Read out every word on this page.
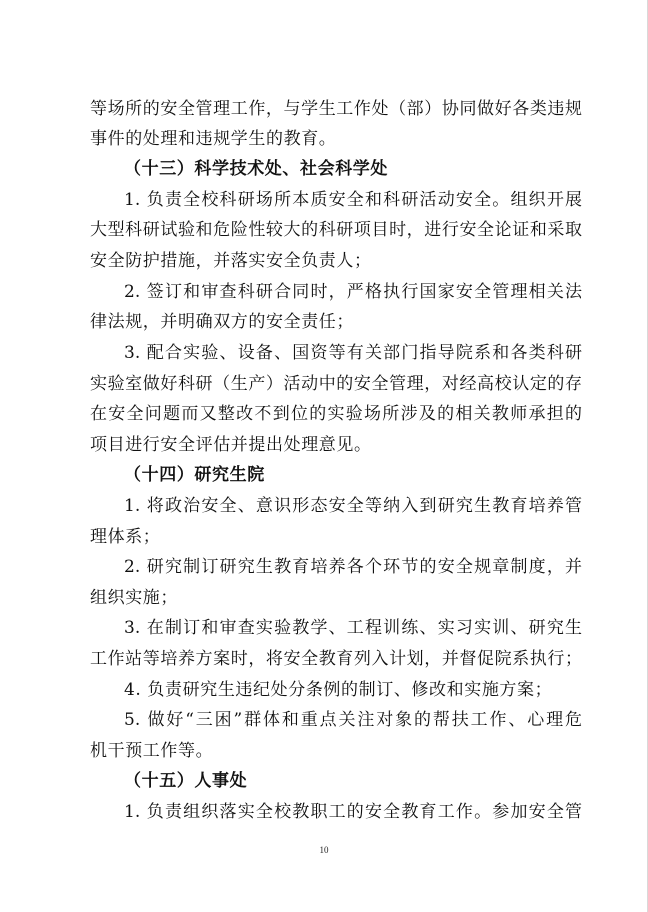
等场所的安全管理工作，与学生工作处（部）协同做好各类违规
事件的处理和违规学生的教育。
（十三）科学技术处、社会科学处
1. 负责全校科研场所本质安全和科研活动安全。组织开展
大型科研试验和危险性较大的科研项目时，进行安全论证和采取
安全防护措施，并落实安全负责人；
2. 签订和审查科研合同时，严格执行国家安全管理相关法
律法规，并明确双方的安全责任；
3. 配合实验、设备、国资等有关部门指导院系和各类科研
实验室做好科研（生产）活动中的安全管理，对经高校认定的存
在安全问题而又整改不到位的实验场所涉及的相关教师承担的
项目进行安全评估并提出处理意见。
（十四）研究生院
1. 将政治安全、意识形态安全等纳入到研究生教育培养管
理体系；
2. 研究制订研究生教育培养各个环节的安全规章制度，并
组织实施；
3. 在制订和审查实验教学、工程训练、实习实训、研究生
工作站等培养方案时，将安全教育列入计划，并督促院系执行；
4. 负责研究生违纪处分条例的制订、修改和实施方案；
5. 做好“三困”群体和重点关注对象的帮扶工作、心理危
机干预工作等。
（十五）人事处
1. 负责组织落实全校教职工的安全教育工作。参加安全管
10
